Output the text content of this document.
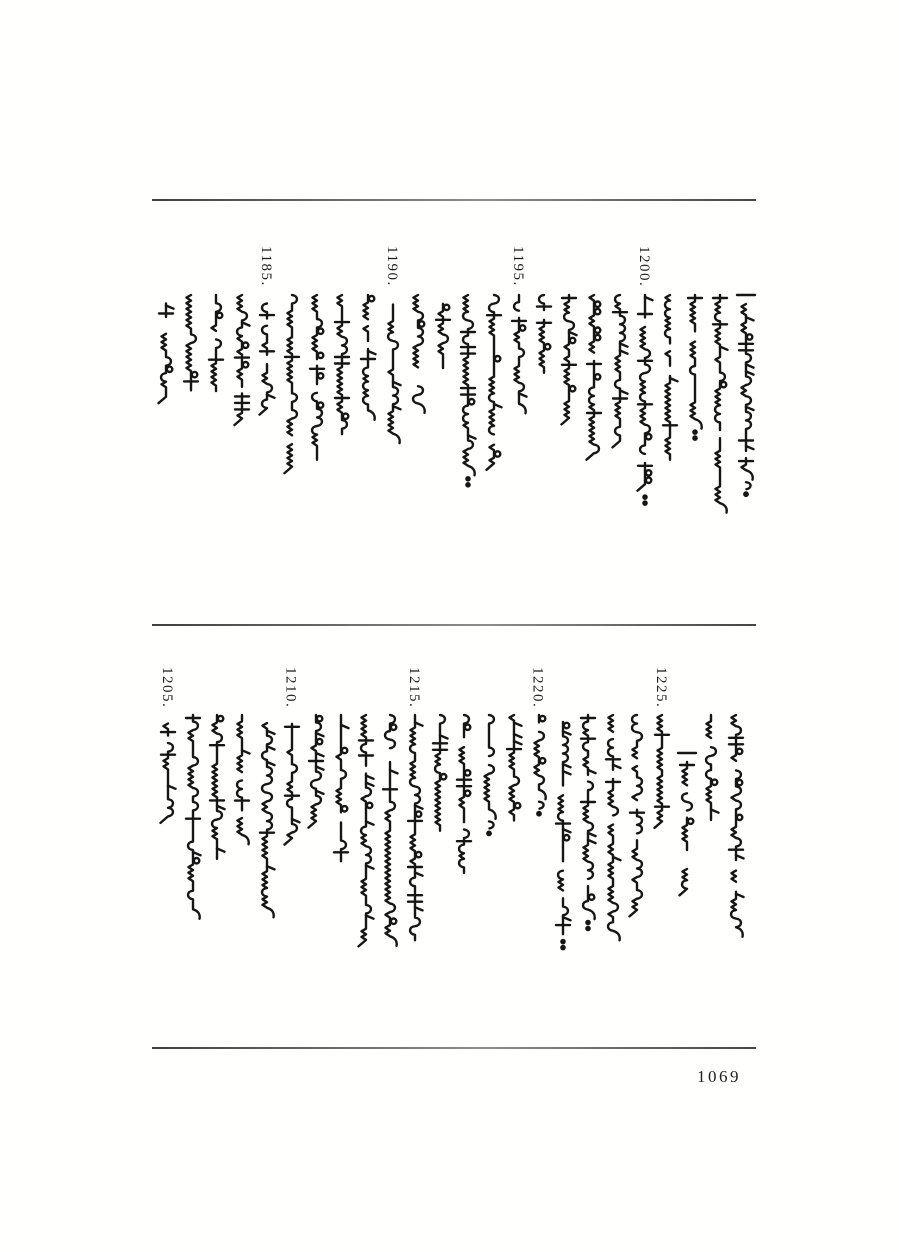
1185.	1190.	1195.	1200.
1205.	1210.	1215.	1220.	1225.
1069
